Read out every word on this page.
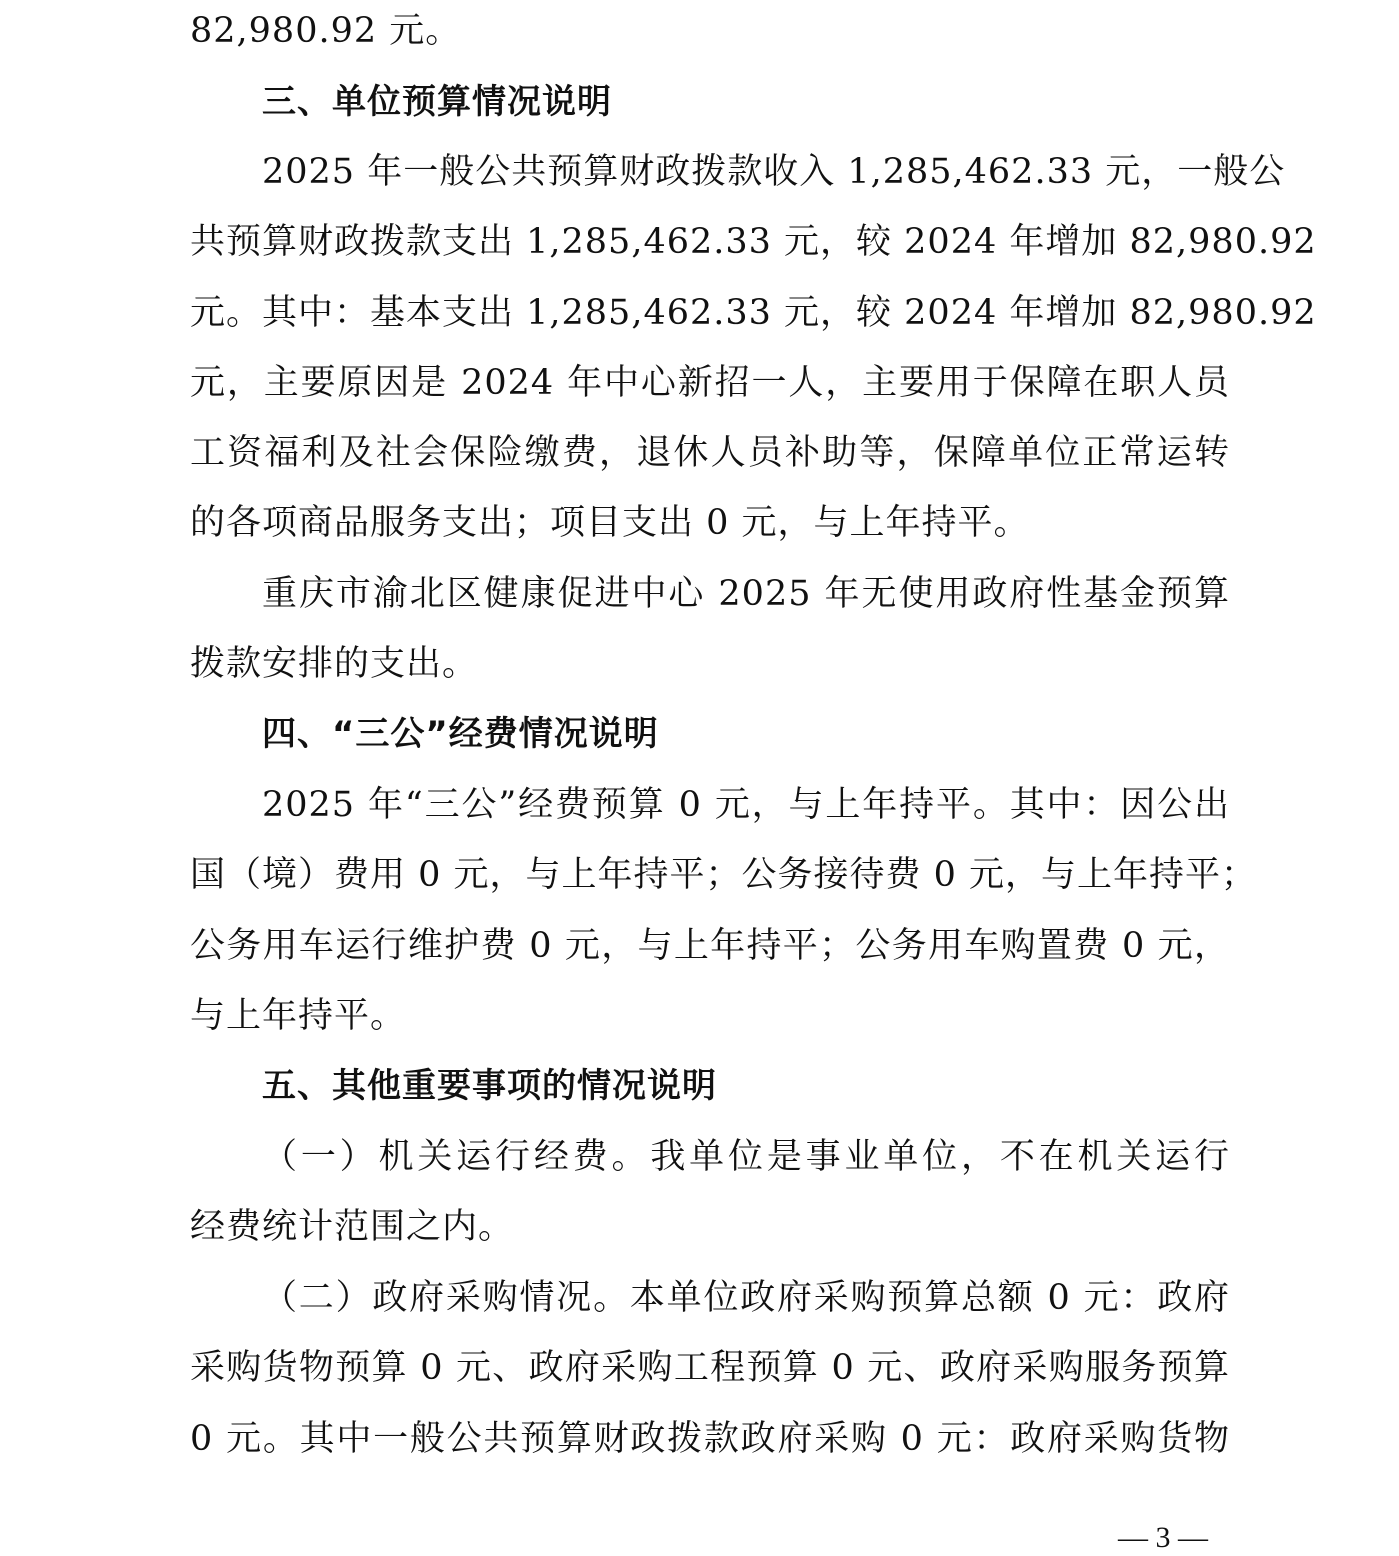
82,980.92 元。
三、单位预算情况说明
2025 年一般公共预算财政拨款收入 1,285,462.33 元，一般公
共预算财政拨款支出 1,285,462.33 元，较 2024 年增加 82,980.92
元。其中：基本支出 1,285,462.33 元，较 2024 年增加 82,980.92
元，主要原因是 2024 年中心新招一人，主要用于保障在职人员
工资福利及社会保险缴费，退休人员补助等，保障单位正常运转
的各项商品服务支出；项目支出 0 元，与上年持平。
重庆市渝北区健康促进中心 2025 年无使用政府性基金预算
拨款安排的支出。
四、“三公”经费情况说明
2025 年“三公”经费预算 0 元，与上年持平。其中：因公出
国（境）费用 0 元，与上年持平；公务接待费 0 元，与上年持平；
公务用车运行维护费 0 元，与上年持平；公务用车购置费 0 元，
与上年持平。
五、其他重要事项的情况说明
（一）机关运行经费。我单位是事业单位，不在机关运行
经费统计范围之内。
（二）政府采购情况。本单位政府采购预算总额 0 元：政府
采购货物预算 0 元、政府采购工程预算 0 元、政府采购服务预算
0 元。其中一般公共预算财政拨款政府采购 0 元：政府采购货物
— 3 —
